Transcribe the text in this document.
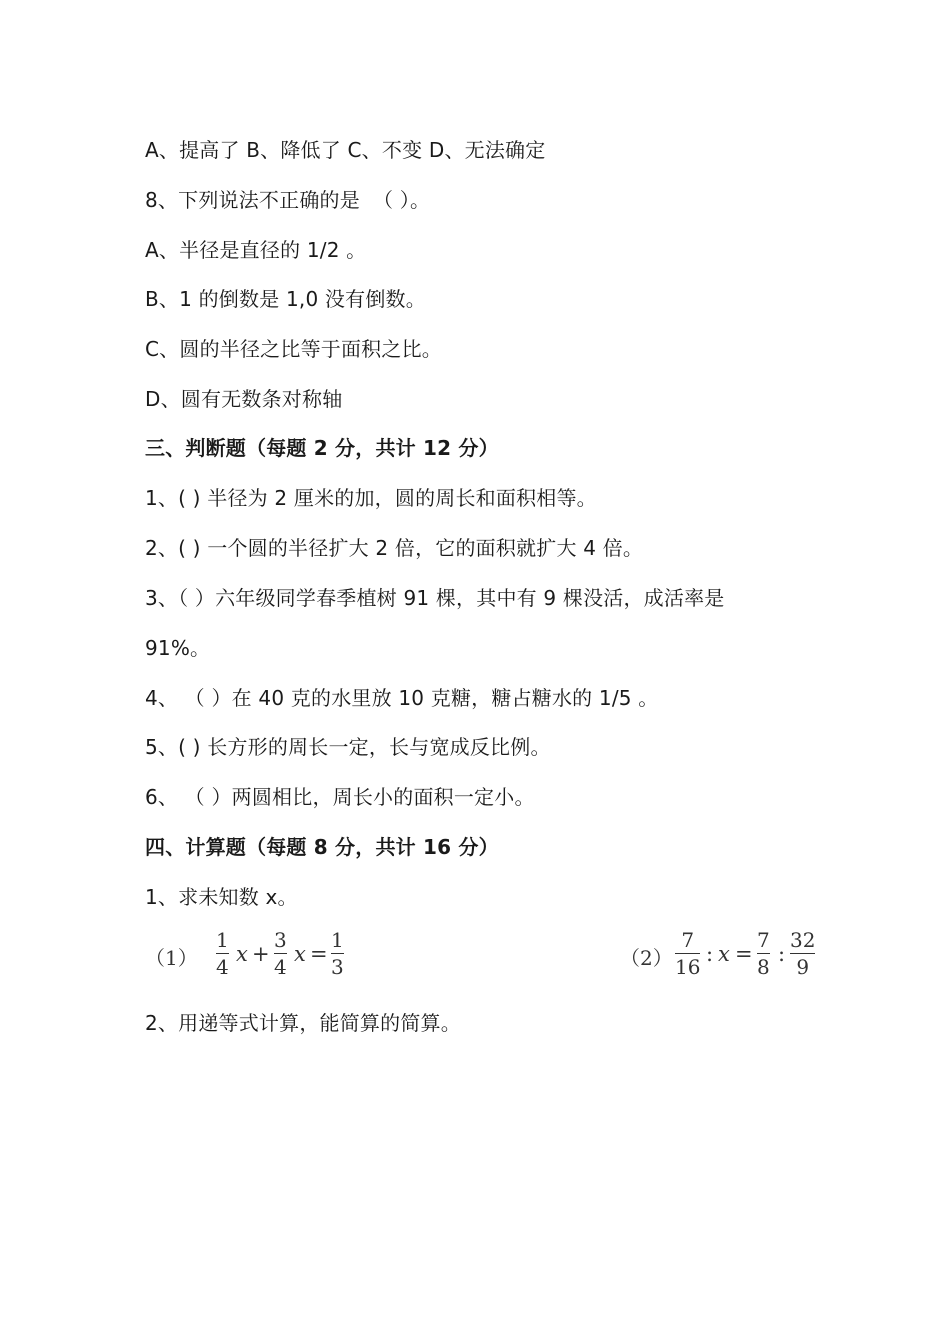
A、提高了 B、降低了 C、不变 D、无法确定
8、下列说法不正确的是  （ ）。
A、半径是直径的 1/2 。
B、1 的倒数是 1,0 没有倒数。
C、圆的半径之比等于面积之比。
D、圆有无数条对称轴
三、判断题（每题 2 分，共计 12 分）
1、( ) 半径为 2 厘米的加，圆的周长和面积相等。
2、( ) 一个圆的半径扩大 2 倍，它的面积就扩大 4 倍。
3、（ ）六年级同学春季植树 91 棵，其中有 9 棵没活，成活率是
91%。
4、 （ ）在 40 克的水里放 10 克糖，糖占糖水的 1/5 。
5、( ) 长方形的周长一定，长与宽成反比例。
6、 （ ）两圆相比，周长小的面积一定小。
四、计算题（每题 8 分，共计 16 分）
1、求未知数 x。
（1）
1
4
x +
3
4
x =
1
3	（2）
7
16
: x =
7
8
:
32
9
2、用递等式计算，能简算的简算。
